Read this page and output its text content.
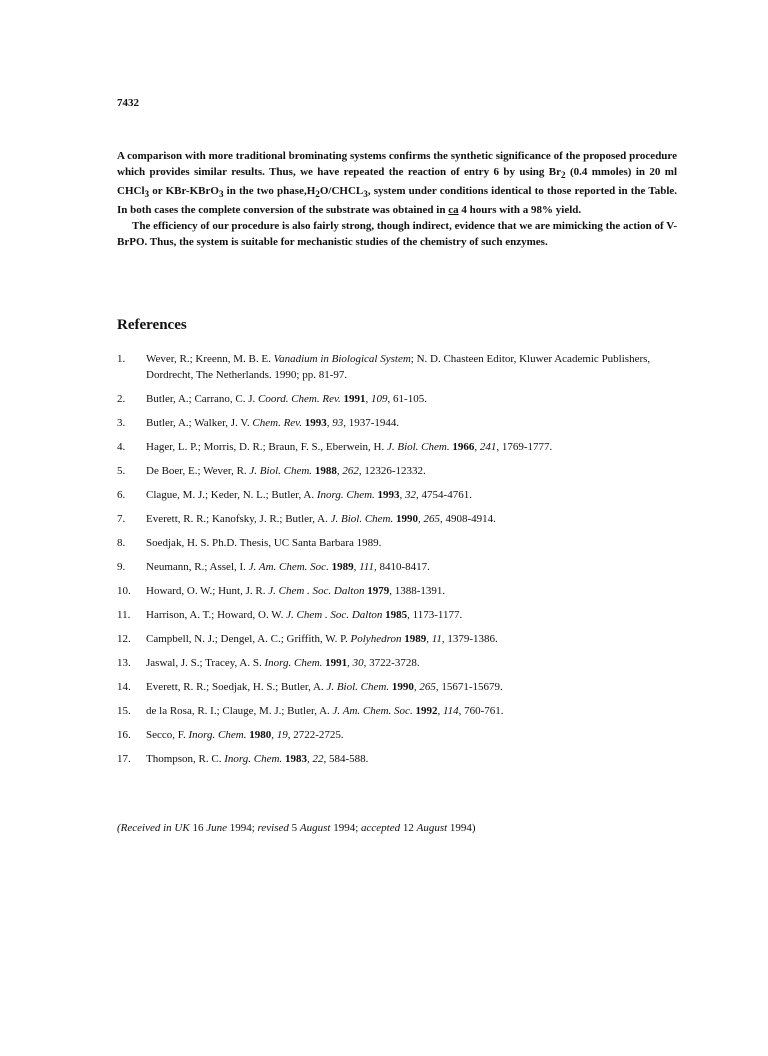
7432

A comparison with more traditional brominating systems confirms the synthetic significance of the proposed procedure which provides similar results. Thus, we have repeated the reaction of entry 6 by using $Br_2$ (0.4 mmoles) in 20 ml CHCl$_3$ or KBr-KBrO$_3$ in the two $phase,H_2O/CHCL_3$, system under conditions identical to those reported in the Table. In both cases the complete conversion of the substrate was obtained in ca 4 hours with a 98% yield.

The efficiency of our procedure is also fairly strong, though indirect, evidence that we are mimicking the action of V-BrPO. Thus, the system is suitable for mechanistic studies of the chemistry of such enzymes.

References
1.	Wever, R.; Kreenn, M. B. E. Vanadium in Biological System; N. D. Chasteen Editor, Kluwer Academic Publishers, Dordrecht, The Netherlands. 1990; pp. 81-97.
2.	Butler, A.; Carrano, C. J. Coord. Chem. Rev. 1991, 109, 61-105.
3.	Butler, A.; Walker, J. V. Chem. Rev. 1993, 93, 1937-1944.
4.	Hager, L. P.; Morris, D. R.; Braun, F. S., Eberwein, H. J. Biol. Chem. 1966, 241, 1769-1777.
5.	De Boer, E.; Wever, R. J. Biol. Chem. 1988, 262, 12326-12332.
6.	Clague, M. J.; Keder, N. L.; Butler, A. Inorg. Chem. 1993, 32, 4754-4761.
7.	Everett, R. R.; Kanofsky, J. R.; Butler, A. J. Biol. Chem. 1990, 265, 4908-4914.
8.	Soedjak, H. S. Ph.D. Thesis, UC Santa Barbara 1989.
9.	Neumann, R.; Assel, I. J. Am. Chem. Soc. 1989, 111, 8410-8417.
10.	Howard, O. W.; Hunt, J. R. J. Chem . Soc. Dalton 1979, 1388-1391.
11.	Harrison, A. T.; Howard, O. W. J. Chem . Soc. Dalton 1985, 1173-1177.
12.	Campbell, N. J.; Dengel, A. C.; Griffith, W. P. Polyhedron 1989, 11, 1379-1386.
13.	Jaswal, J. S.; Tracey, A. S. Inorg. Chem. 1991, 30, 3722-3728.
14.	Everett, R. R.; Soedjak, H. S.; Butler, A. J. Biol. Chem. 1990, 265, 15671-15679.
15.	de la Rosa, R. I.; Clauge, M. J.; Butler, A. J. Am. Chem. Soc. 1992, 114, 760-761.
16.	Secco, F. Inorg. Chem. 1980, 19, 2722-2725.
17.	Thompson, R. C. Inorg. Chem. 1983, 22, 584-588.
(Received in UK 16 June 1994; revised 5 August 1994; accepted 12 August 1994)
